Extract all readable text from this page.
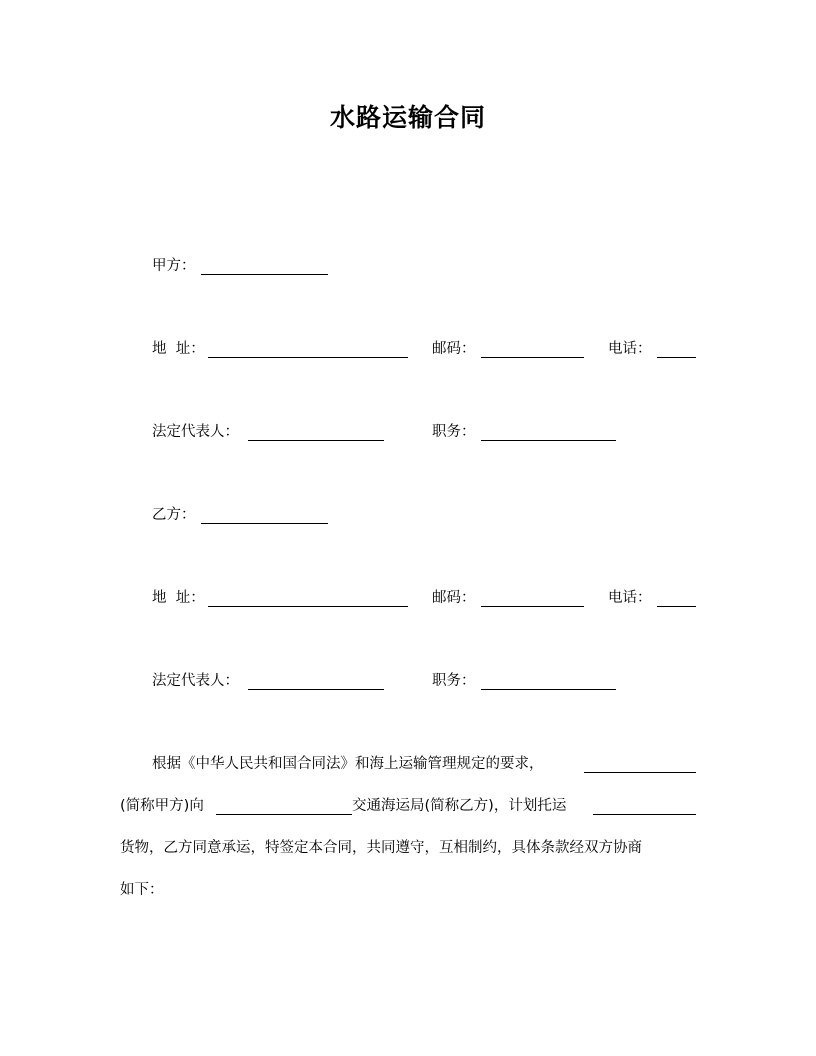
水路运输合同
甲方：
地  址：	邮码：	电话：
法定代表人：	职务：
乙方：
地  址：	邮码：	电话：
法定代表人：	职务：
根据《中华人民共和国合同法》和海上运输管理规定的要求，
(简称甲方)向	交通海运局(简称乙方)，计划托运
货物，乙方同意承运，特签定本合同，共同遵守，互相制约，具体条款经双方协商
如下：
